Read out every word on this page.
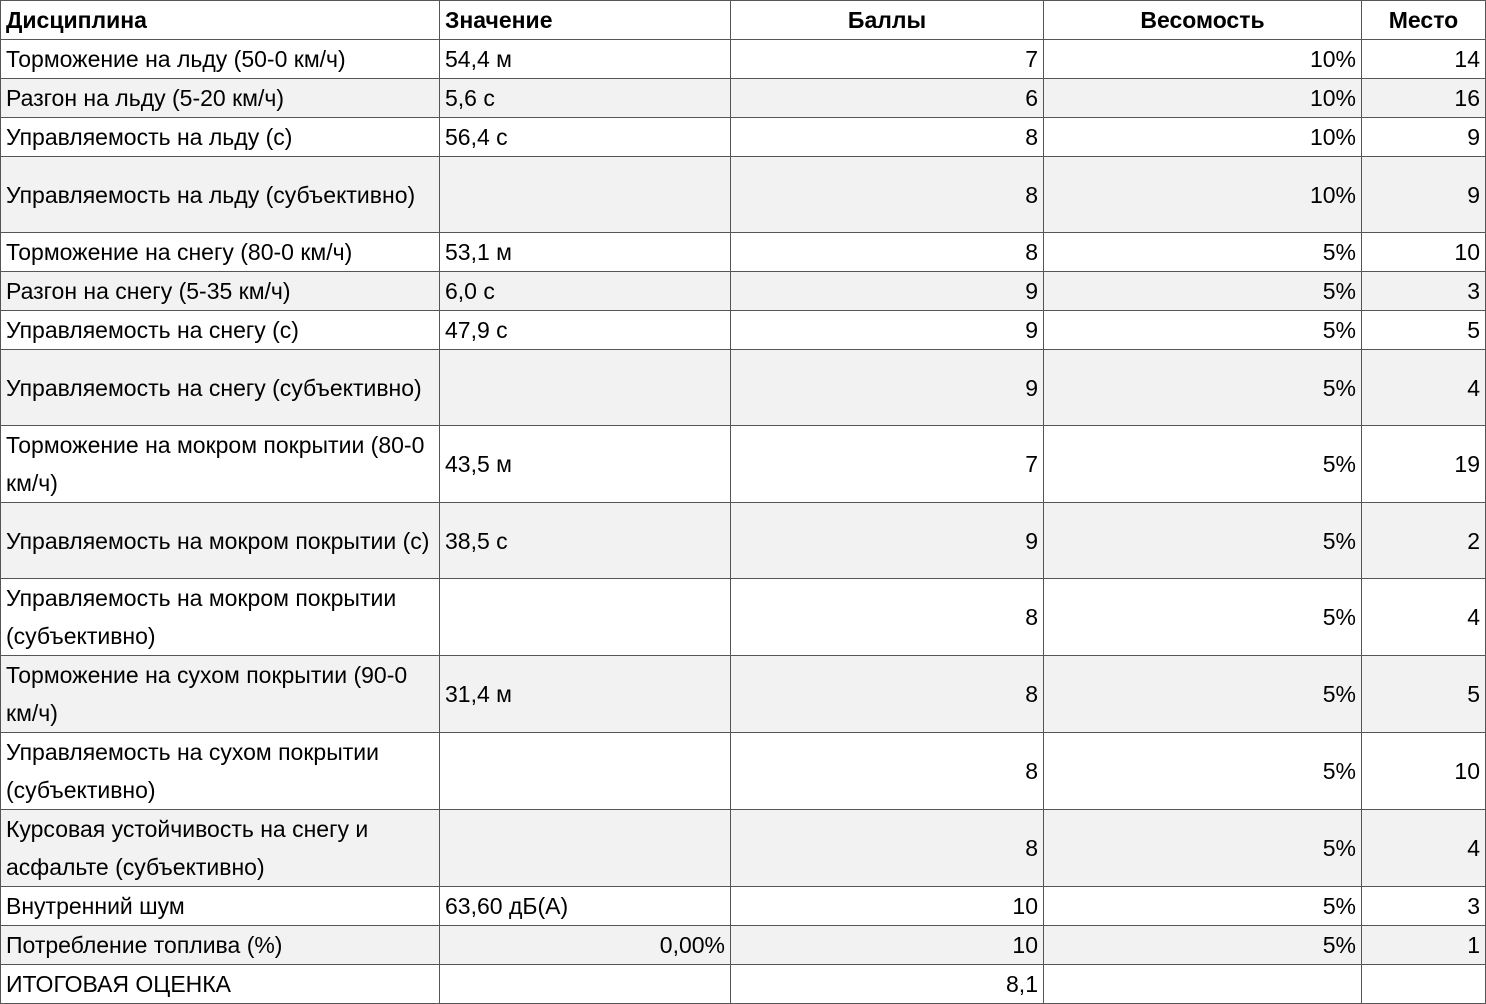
Дисциплина	Значение	Баллы	Весомость	Место
Торможение на льду (50-0 км/ч)	54,4 м	7	10%	14
Разгон на льду (5-20 км/ч)	5,6 с	6	10%	16
Управляемость на льду (с)	56,4 с	8	10%	9
Управляемость на льду (субъективно)		8	10%	9
Торможение на снегу (80-0 км/ч)	53,1 м	8	5%	10
Разгон на снегу (5-35 км/ч)	6,0 с	9	5%	3
Управляемость на снегу (с)	47,9 с	9	5%	5
Управляемость на снегу (субъективно)		9	5%	4
Торможение на мокром покрытии (80-0 км/ч)	43,5 м	7	5%	19
Управляемость на мокром покрытии (с)	38,5 с	9	5%	2
Управляемость на мокром покрытии (субъективно)		8	5%	4
Торможение на сухом покрытии (90-0 км/ч)	31,4 м	8	5%	5
Управляемость на сухом покрытии (субъективно)		8	5%	10
Курсовая устойчивость на снегу и асфальте (субъективно)		8	5%	4
Внутренний шум	63,60 дБ(А)	10	5%	3
Потребление топлива (%)	0,00%	10	5%	1
ИТОГОВАЯ ОЦЕНКА		8,1		
